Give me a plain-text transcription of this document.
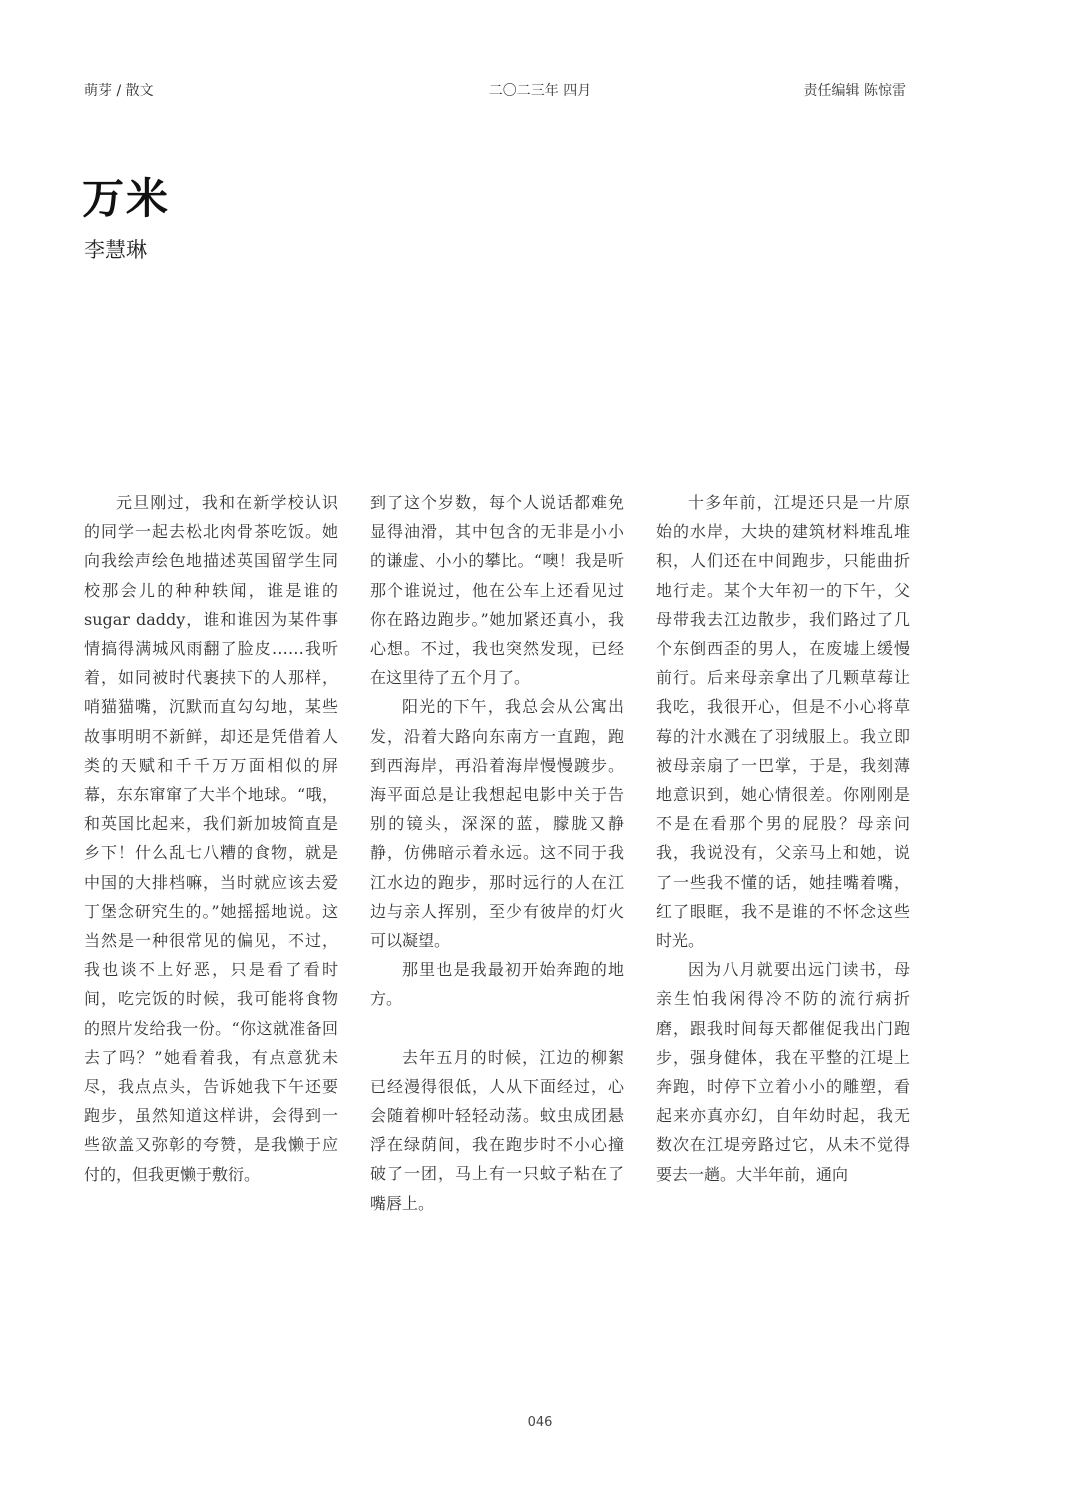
萌芽 / 散文	二〇二三年 四月	责任编辑 陈惊雷
万米
李慧琳

元旦刚过，我和在新学校认识的同学一起去松北肉骨茶吃饭。她向我绘声绘色地描述英国留学生同校那会儿的种种轶闻，谁是谁的 sugar daddy，谁和谁因为某件事情搞得满城风雨翻了脸皮……我听着，如同被时代裹挟下的人那样，哨猫猫嘴，沉默而直勾勾地，某些故事明明不新鲜，却还是凭借着人类的天赋和千千万万面相似的屏幕，东东窜窜了大半个地球。“哦，和英国比起来，我们新加坡简直是乡下！什么乱七八糟的食物，就是中国的大排档嘛，当时就应该去爱丁堡念研究生的。”她摇摇地说。这当然是一种很常见的偏见，不过，我也谈不上好恶，只是看了看时间，吃完饭的时候，我可能将食物的照片发给我一份。“你这就准备回去了吗？”她看着我，有点意犹未尽，我点点头，告诉她我下午还要跑步，虽然知道这样讲，会得到一些欲盖又弥彰的夸赞，是我懒于应付的，但我更懒于敷衍。

到了这个岁数，每个人说话都难免显得油滑，其中包含的无非是小小的谦虚、小小的攀比。“噢！我是听那个谁说过，他在公车上还看见过你在路边跑步。”她加紧还真小，我心想。不过，我也突然发现，已经在这里待了五个月了。

阳光的下午，我总会从公寓出发，沿着大路向东南方一直跑，跑到西海岸，再沿着海岸慢慢踱步。海平面总是让我想起电影中关于告别的镜头，深深的蓝，朦胧又静静，仿佛暗示着永远。这不同于我江水边的跑步，那时远行的人在江边与亲人挥别，至少有彼岸的灯火可以凝望。

那里也是我最初开始奔跑的地方。

去年五月的时候，江边的柳絮已经漫得很低，人从下面经过，心会随着柳叶轻轻动荡。蚊虫成团悬浮在绿荫间，我在跑步时不小心撞破了一团，马上有一只蚊子粘在了嘴唇上。

十多年前，江堤还只是一片原始的水岸，大块的建筑材料堆乱堆积，人们还在中间跑步，只能曲折地行走。某个大年初一的下午，父母带我去江边散步，我们路过了几个东倒西歪的男人，在废墟上缓慢前行。后来母亲拿出了几颗草莓让我吃，我很开心，但是不小心将草莓的汁水溅在了羽绒服上。我立即被母亲扇了一巴掌，于是，我刻薄地意识到，她心情很差。你刚刚是不是在看那个男的屁股？母亲问我，我说没有，父亲马上和她，说了一些我不懂的话，她挂嘴着嘴，红了眼眶，我不是谁的不怀念这些时光。

因为八月就要出远门读书，母亲生怕我闲得冷不防的流行病折磨，跟我时间每天都催促我出门跑步，强身健体，我在平整的江堤上奔跑，时停下立着小小的雕塑，看起来亦真亦幻，自年幼时起，我无数次在江堤旁路过它，从未不觉得要去一趟。大半年前，通向

046
